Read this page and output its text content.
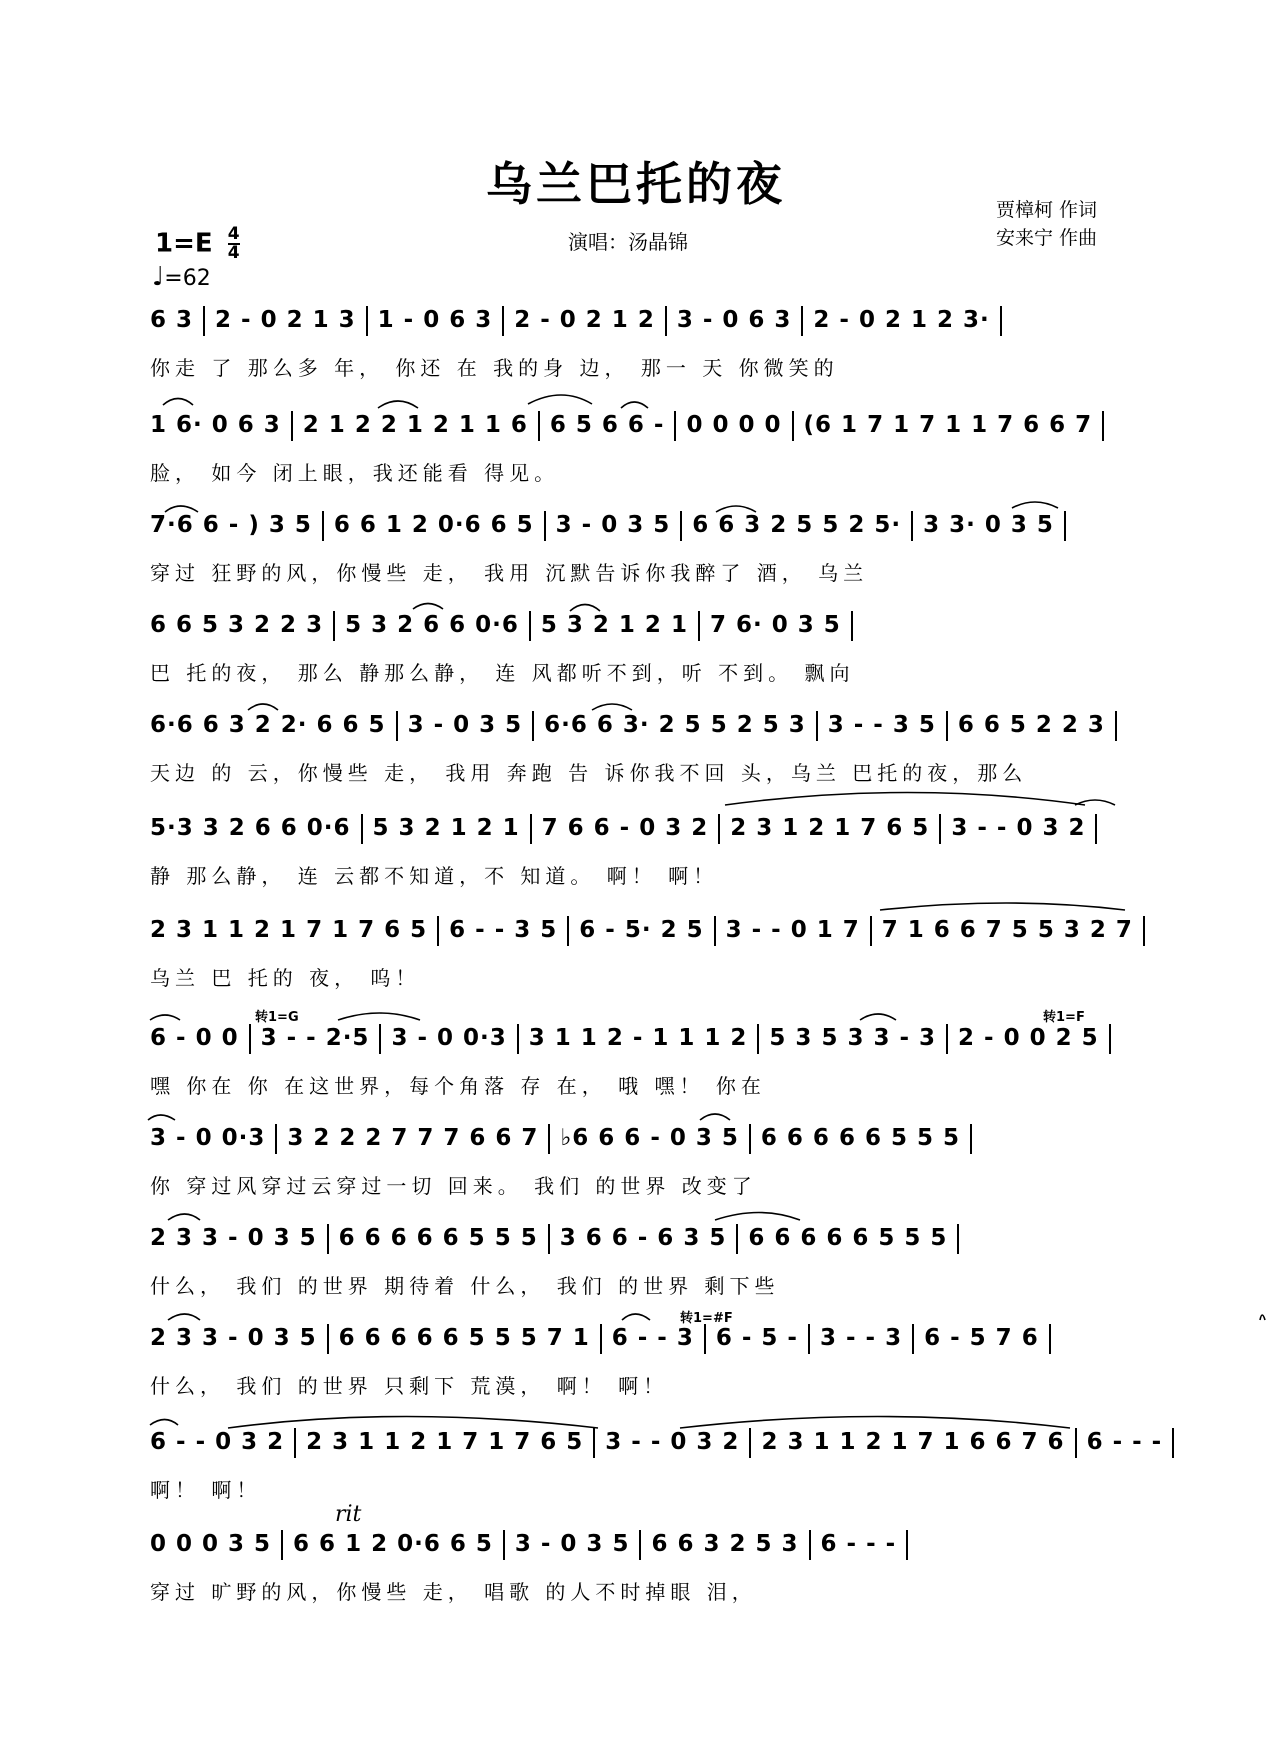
乌兰巴托的夜
$1=E \frac{4}{4}$
♩=62
演唱：汤晶锦
贾樟柯 作词
安来宁 作曲
6 3 2 - 0 2 1 3 1 - 0 6 3 2 - 0 2 1 2 3 - 0 6 3 2 - 0 2 1 2 3·
你走 了 那么多 年， 你还 在 我的身 边， 那一 天 你微笑的
1 6· 0 6 3 2 1 2 2 1 2 1 1 6 6 5 6 6 - 0 0 0 0 (6 1 7 1 7 1 1 7 6 6 7
脸， 如今 闭上眼，我还能看 得见。
7·6 6 - ) 3 5 6 6 1 2 0·6 6 5 3 - 0 3 5 6 6 3 2 5 5 2 5· 3 3· 0 3 5
穿过 狂野的风，你慢些 走， 我用 沉默告诉你我醉了 酒， 乌兰
6 6 5 3 2 2 3 5 3 2 6 6 0·6 5 3 2 1 2 1 7 6· 0 3 5
巴 托的夜， 那么 静那么静， 连 风都听不到，听 不到。 飘向
6·6 6 3 2 2· 6 6 5 3 - 0 3 5 6·6 6 3· 2 5 5 2 5 3 3 - - 3 5 6 6 5 2 2 3
天边 的 云，你慢些 走， 我用 奔跑 告 诉你我不回 头，乌兰 巴托的夜，那么
5·3 3 2 6 6 0·6 5 3 2 1 2 1 7 6 6 - 0 3 2 2 3 1 2 1 7 6 5 3 - - 0 3 2
静 那么静， 连 云都不知道，不 知道。 啊！ 啊！
2 3 1 1 2 1 7 1 7 6 5 6 - - 3 5 6 - 5· 2 5 3 - - 0 1 7 7 1 6 6 7 5 5 3 2 7
乌兰 巴 托的 夜， 呜！
6 - 0 0 3 - - 2·5 3 - 0 0·3 3 1 1 2 - 1 1 1 2 5 3 5 3 3 - 3 2 - 0 0 2 5
嘿 你在 你 在这世界，每个角落 存 在， 哦 嘿！ 你在
3 - 0 0·3 3 2 2 2 7 7 7 6 6 7 ♭6 6 6 - 0 3 5 6 6 6 6 6 5 5 5
你 穿过风穿过云穿过一切 回来。 我们 的世界 改变了
2 3 3 - 0 3 5 6 6 6 6 6 5 5 5 3 6 6 - 6 3 5 6 6 6 6 6 5 5 5
什么， 我们 的世界 期待着 什么， 我们 的世界 剩下些
2 3 3 - 0 3 5 6 6 6 6 6 5 5 5 7 1 6 - - 3 6 - 5 - 3 - - 3 6 - 5 7 6
什么， 我们 的世界 只剩下 荒漠， 啊！ 啊！
6 - - 0 3 2 2 3 1 1 2 1 7 1 7 6 5 3 - - 0 3 2 2 3 1 1 2 1 7 1 6 6 7 6 6 - - -
啊！ 啊！
0 0 0 3 5 6 6 1 2 0·6 6 5 3 - 0 3 5 6 6 3 2 5 3 6 - - -
穿过 旷野的风，你慢些 走， 唱歌 的人不时掉眼 泪，
转1=G	转1=F
转1=#F
rit
